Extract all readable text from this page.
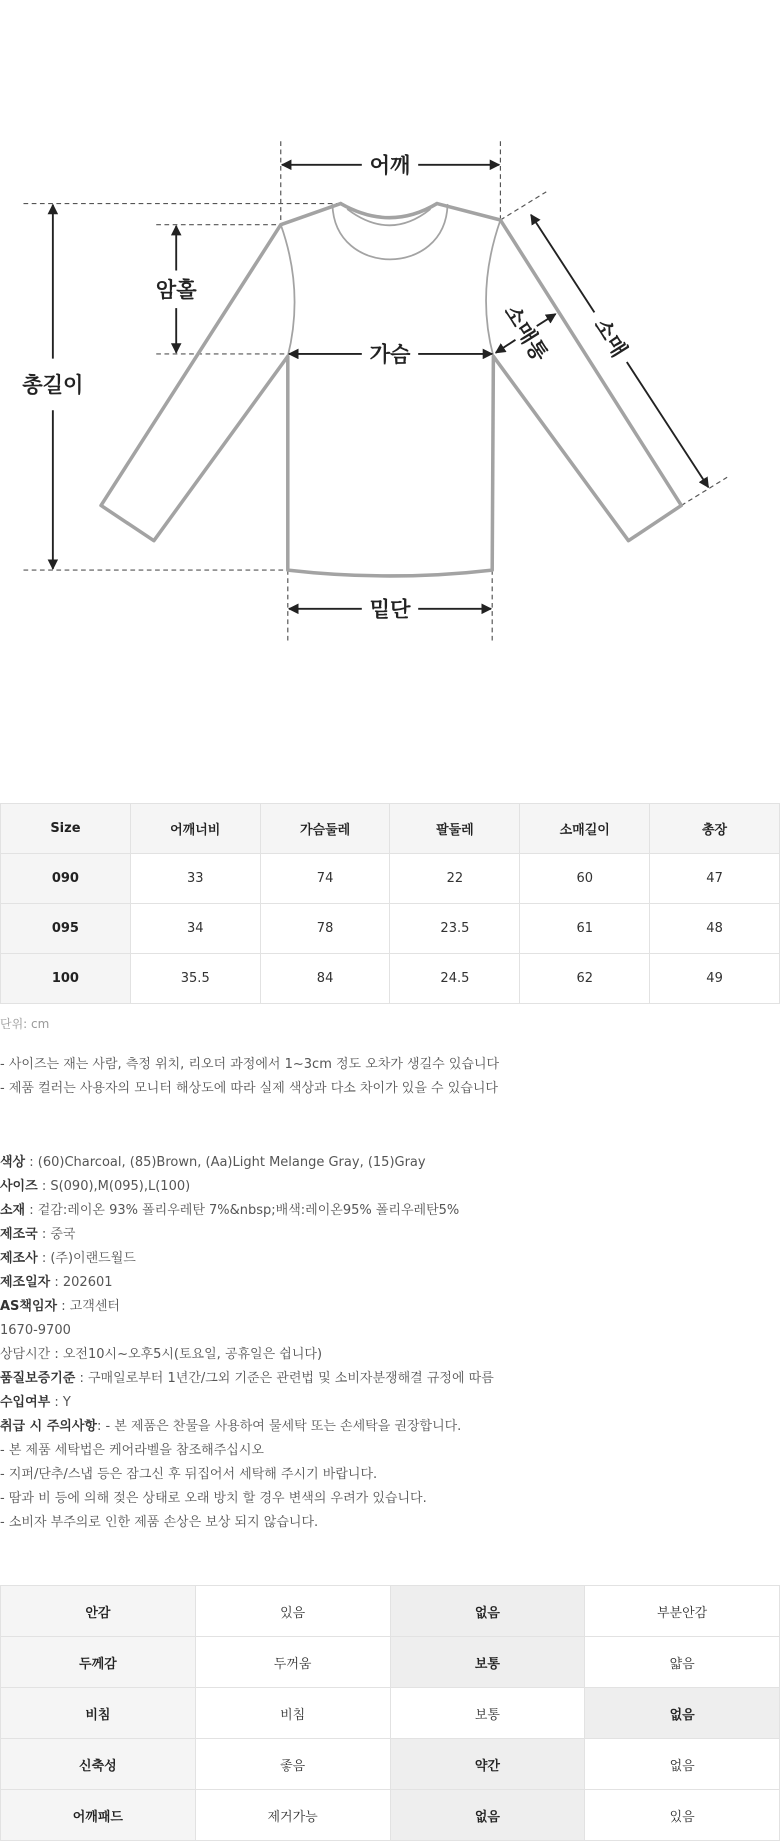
어깨
총길이
암홀
가슴
밑단
소매
소매통
Size	어깨너비	가슴둘레	팔둘레	소매길이	총장
090	33	74	22	60	47
095	34	78	23.5	61	48
100	35.5	84	24.5	62	49
단위: cm
- 사이즈는 재는 사람, 측정 위치, 리오더 과정에서 1~3cm 정도 오차가 생길수 있습니다
- 제품 컬러는 사용자의 모니터 해상도에 따라 실제 색상과 다소 차이가 있을 수 있습니다
색상 : (60)Charcoal, (85)Brown, (Aa)Light Melange Gray, (15)Gray
사이즈 : S(090),M(095),L(100)
소재 : 겉감:레이온 93% 폴리우레탄 7%&nbsp;배색:레이온95% 폴리우레탄5%
제조국 : 중국
제조사 : (주)이랜드월드
제조일자 : 202601
AS책임자 : 고객센터
1670-9700
상담시간 : 오전10시~오후5시(토요일, 공휴일은 쉽니다)
품질보증기준 : 구매일로부터 1년간/그외 기준은 관련법 및 소비자분쟁해결 규정에 따름
수입여부 : Y
취급 시 주의사항: - 본 제품은 찬물을 사용하여 물세탁 또는 손세탁을 권장합니다.
- 본 제품 세탁법은 케어라벨을 참조해주십시오
- 지퍼/단추/스냅 등은 잠그신 후 뒤집어서 세탁해 주시기 바랍니다.
- 땀과 비 등에 의해 젖은 상태로 오래 방치 할 경우 변색의 우려가 있습니다.
- 소비자 부주의로 인한 제품 손상은 보상 되지 않습니다.
안감	있음	없음	부분안감
두께감	두꺼움	보통	얇음
비침	비침	보통	없음
신축성	좋음	약간	없음
어깨패드	제거가능	없음	있음
